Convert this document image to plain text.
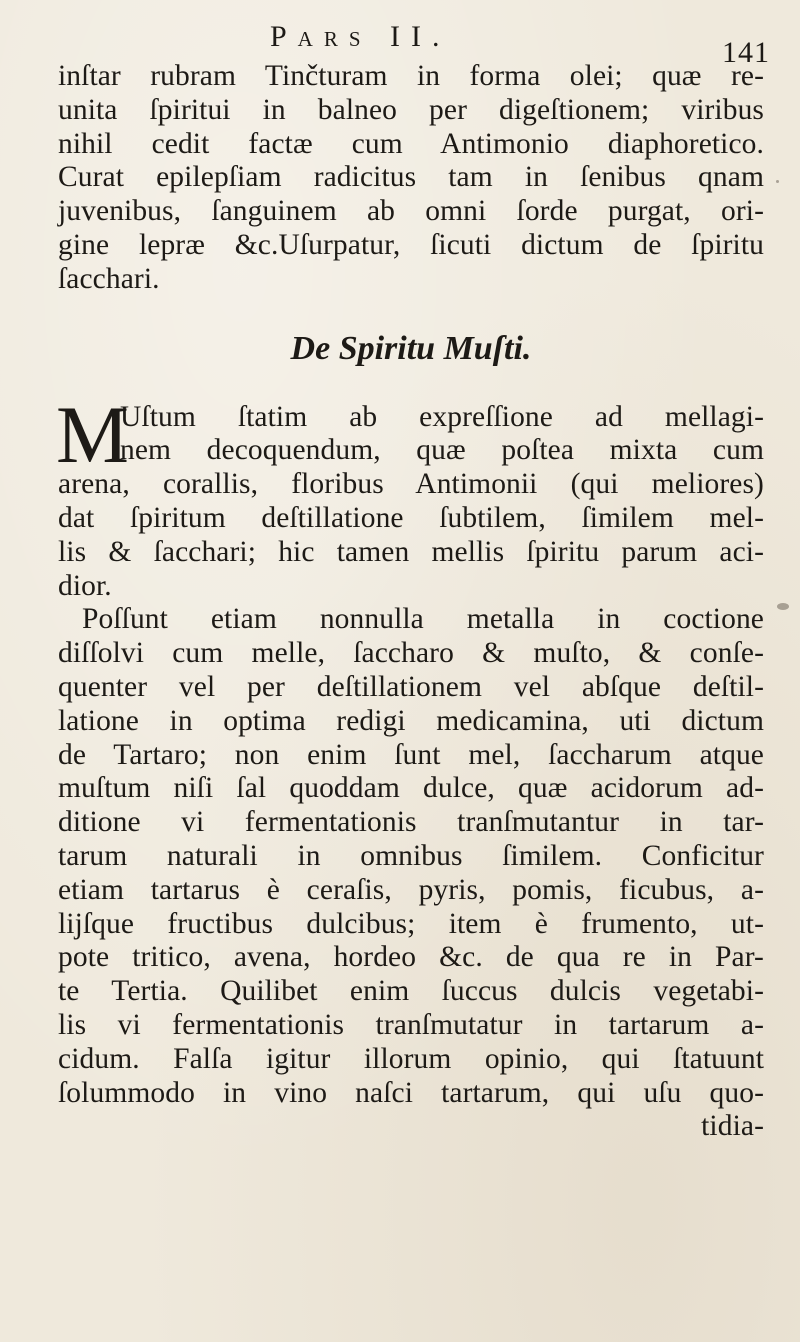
Pars II.	141
inſtar rubram Tinčturam in forma olei; quæ re-
unita ſpiritui in balneo per digeſtionem; viribus
nihil cedit factæ cum Antimonio diaphoretico.
Curat epilepſiam radicitus tam in ſenibus qnam
juvenibus, ſanguinem ab omni ſorde purgat, ori-
gine lepræ &c.Uſurpatur, ſicuti dictum de ſpiritu
ſacchari.
De Spiritu Muſti.
M
Uſtum ſtatim ab expreſſione ad mellagi-
nem decoquendum, quæ poſtea mixta cum
arena, corallis, floribus Antimonii (qui meliores)
dat ſpiritum deſtillatione ſubtilem, ſimilem mel-
lis & ſacchari; hic tamen mellis ſpiritu parum aci-
dior.
Poſſunt etiam nonnulla metalla in coctione
diſſolvi cum melle, ſaccharo & muſto, & conſe-
quenter vel per deſtillationem vel abſque deſtil-
latione in optima redigi medicamina, uti dictum
de Tartaro; non enim ſunt mel, ſaccharum atque
muſtum niſi ſal quoddam dulce, quæ acidorum ad-
ditione vi fermentationis tranſmutantur in tar-
tarum naturali in omnibus ſimilem. Conficitur
etiam tartarus è ceraſis, pyris, pomis, ficubus, a-
lijſque fructibus dulcibus; item è frumento, ut-
pote tritico, avena, hordeo &c. de qua re in Par-
te Tertia. Quilibet enim ſuccus dulcis vegetabi-
lis vi fermentationis tranſmutatur in tartarum a-
cidum. Falſa igitur illorum opinio, qui ſtatuunt
ſolummodo in vino naſci tartarum, qui uſu quo-
tidia-
